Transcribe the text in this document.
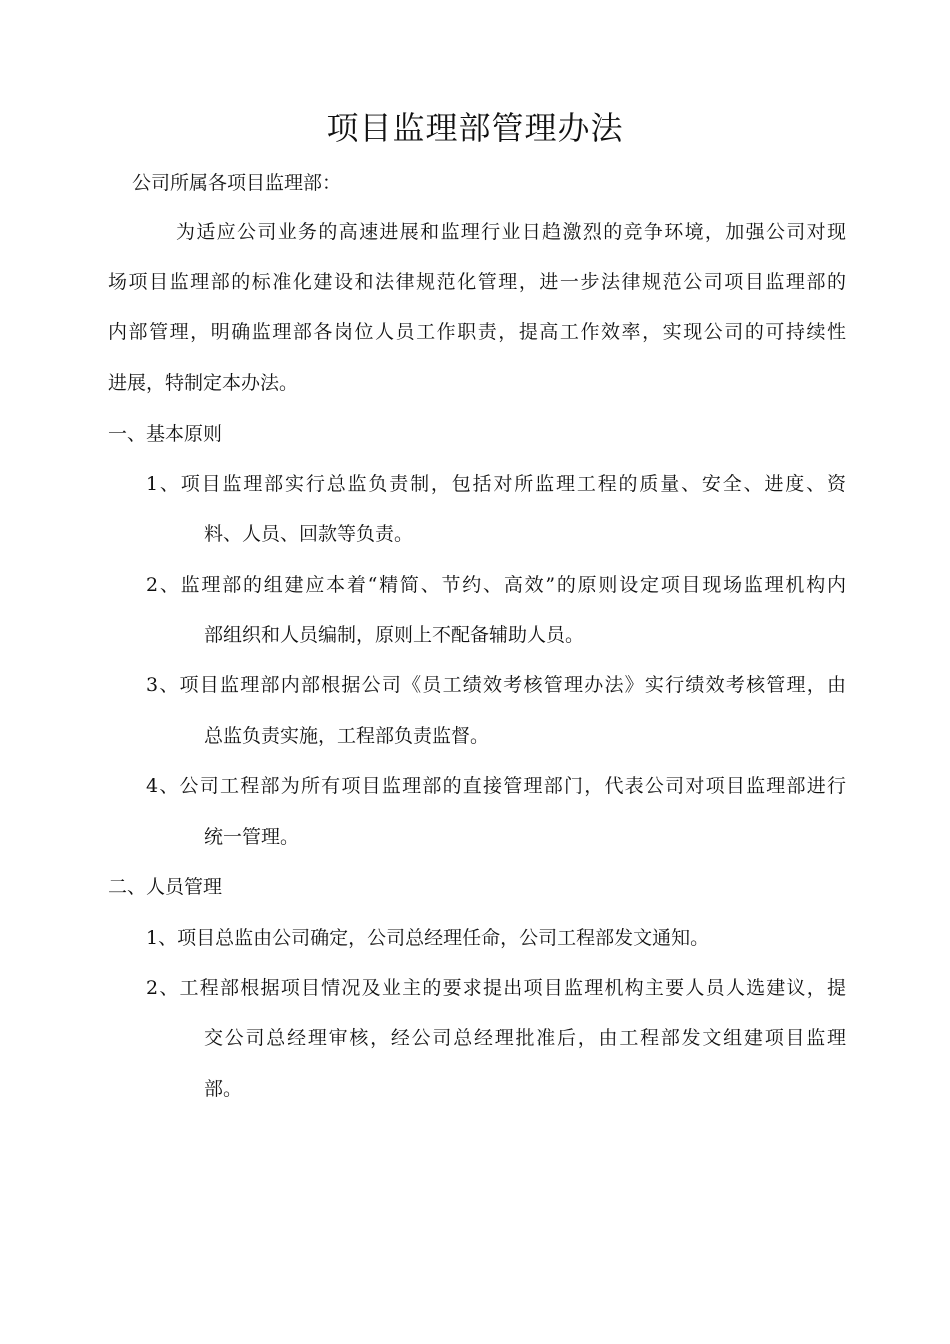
项目监理部管理办法

公司所属各项目监理部：

为适应公司业务的高速进展和监理行业日趋激烈的竞争环境，加强公司对现

场项目监理部的标准化建设和法律规范化管理，进一步法律规范公司项目监理部的

内部管理，明确监理部各岗位人员工作职责，提高工作效率，实现公司的可持续性

进展，特制定本办法。

一、基本原则

1、项目监理部实行总监负责制，包括对所监理工程的质量、安全、进度、资

料、人员、回款等负责。

2、监理部的组建应本着“精简、节约、高效”的原则设定项目现场监理机构内

部组织和人员编制，原则上不配备辅助人员。

3、项目监理部内部根据公司《员工绩效考核管理办法》实行绩效考核管理，由

总监负责实施，工程部负责监督。

4、公司工程部为所有项目监理部的直接管理部门，代表公司对项目监理部进行

统一管理。

二、人员管理

1、项目总监由公司确定，公司总经理任命，公司工程部发文通知。

2、工程部根据项目情况及业主的要求提出项目监理机构主要人员人选建议，提

交公司总经理审核，经公司总经理批准后，由工程部发文组建项目监理

部。
